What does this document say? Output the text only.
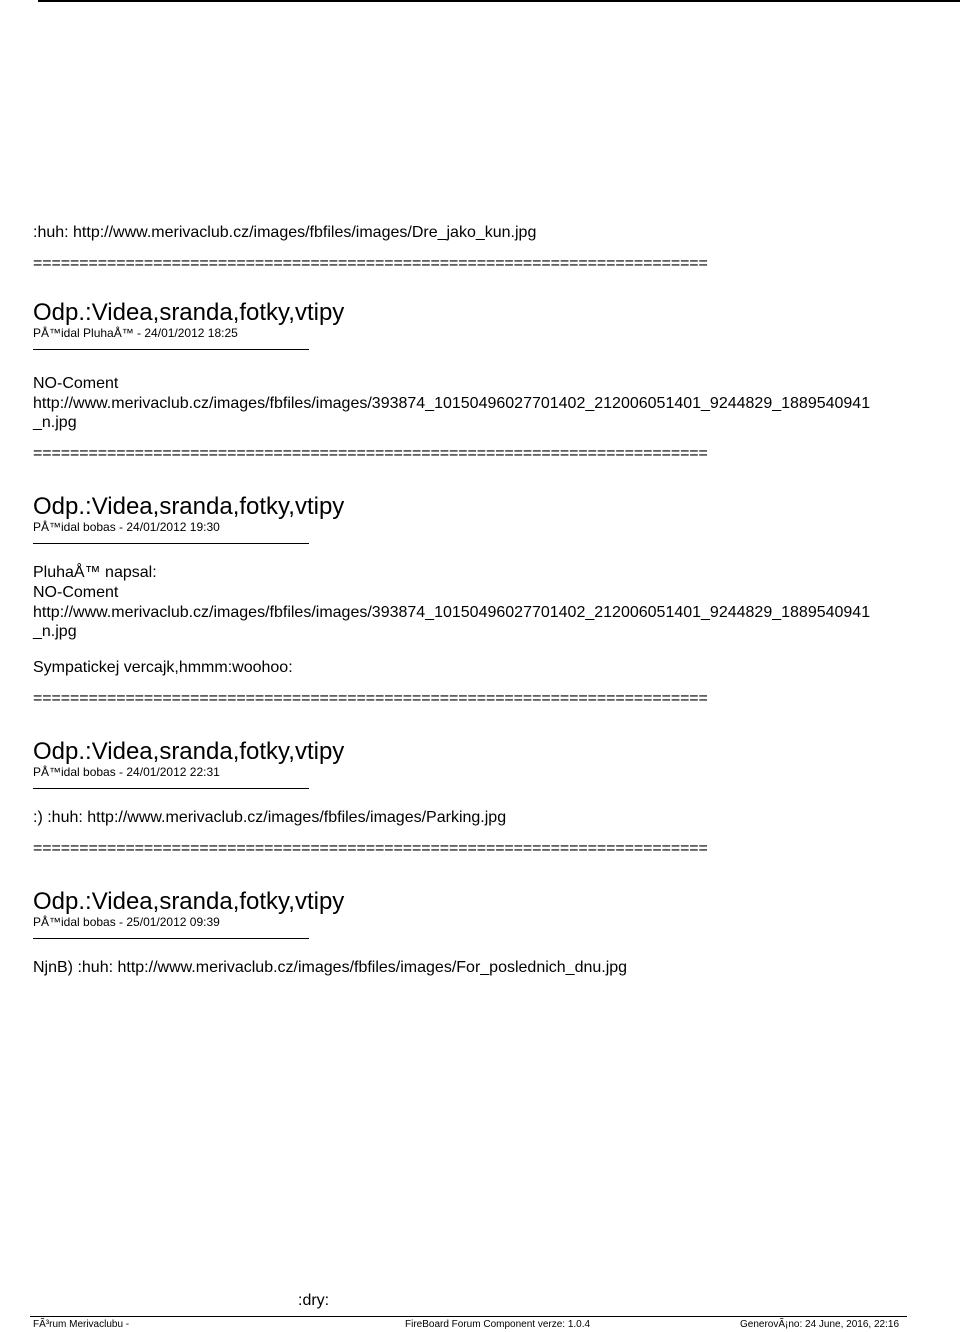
:huh: http://www.merivaclub.cz/images/fbfiles/images/Dre_jako_kun.jpg
=========================================================================
Odp.:Videa,sranda,fotky,vtipy
PÅ™idal PluhaÅ™ - 24/01/2012 18:25
NO-Coment
http://www.merivaclub.cz/images/fbfiles/images/393874_10150496027701402_212006051401_9244829_1889540941_n.jpg
=========================================================================
Odp.:Videa,sranda,fotky,vtipy
PÅ™idal bobas - 24/01/2012 19:30
PluhaÅ™ napsal:
NO-Coment
http://www.merivaclub.cz/images/fbfiles/images/393874_10150496027701402_212006051401_9244829_1889540941_n.jpg
Sympatickej vercajk,hmmm:woohoo:
=========================================================================
Odp.:Videa,sranda,fotky,vtipy
PÅ™idal bobas - 24/01/2012 22:31
:) :huh: http://www.merivaclub.cz/images/fbfiles/images/Parking.jpg
=========================================================================
Odp.:Videa,sranda,fotky,vtipy
PÅ™idal bobas - 25/01/2012 09:39
NjnB) :huh: http://www.merivaclub.cz/images/fbfiles/images/For_poslednich_dnu.jpg
:dry:
FÃ³rum Merivaclubu -	FireBoard Forum Component verze: 1.0.4	GenerovÃ¡no: 24 June, 2016, 22:16
